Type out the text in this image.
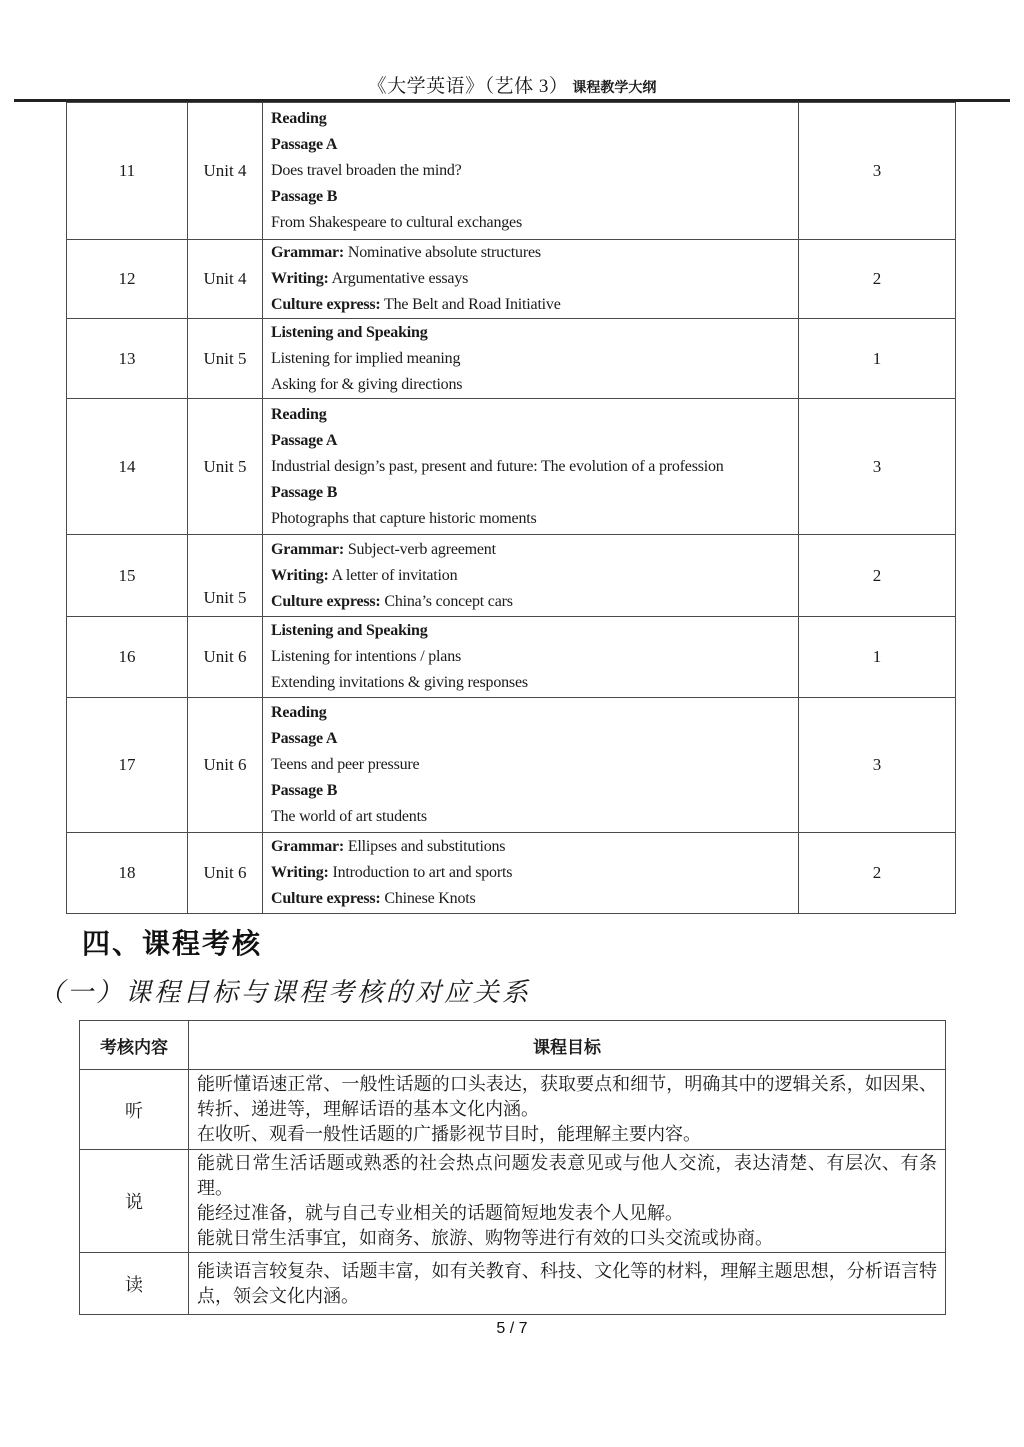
《大学英语》（艺体 3） 课程教学大纲
11	Unit 4	Reading
Passage A
Does travel broaden the mind?
Passage B
From Shakespeare to cultural exchanges	3
12	Unit 4	Grammar: Nominative absolute structures
Writing: Argumentative essays
Culture express: The Belt and Road Initiative	2
13	Unit 5	Listening and Speaking
Listening for implied meaning
Asking for & giving directions	1
14	Unit 5	Reading
Passage A
Industrial design’s past, present and future: The evolution of a profession
Passage B
Photographs that capture historic moments	3
15	Unit 5	Grammar: Subject-verb agreement
Writing: A letter of invitation
Culture express: China’s concept cars	2
16	Unit 6	Listening and Speaking
Listening for intentions / plans
Extending invitations & giving responses	1
17	Unit 6	Reading
Passage A
Teens and peer pressure
Passage B
The world of art students	3
18	Unit 6	Grammar: Ellipses and substitutions
Writing: Introduction to art and sports
Culture express: Chinese Knots	2
四、课程考核
（一）课程目标与课程考核的对应关系
考核内容	课程目标
听	能听懂语速正常、一般性话题的口头表达，获取要点和细节，明确其中的逻辑关系，如因果、转折、递进等，理解话语的基本文化内涵。
在收听、观看一般性话题的广播影视节目时，能理解主要内容。

说	能就日常生活话题或熟悉的社会热点问题发表意见或与他人交流，表达清楚、有层次、有条理。
能经过准备，就与自己专业相关的话题简短地发表个人见解。
能就日常生活事宜，如商务、旅游、购物等进行有效的口头交流或协商。

读	能读语言较复杂、话题丰富，如有关教育、科技、文化等的材料，理解主题思想，分析语言特点，领会文化内涵。
5 / 7
